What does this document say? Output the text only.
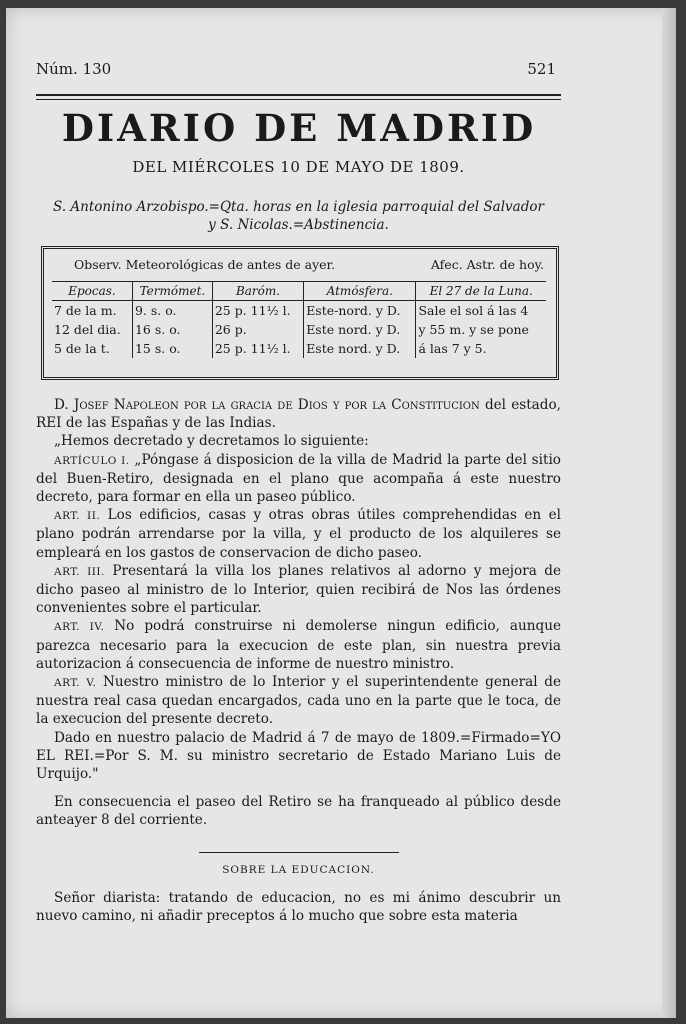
Núm. 130	521
DIARIO DE MADRID
DEL MIÉRCOLES 10 DE MAYO DE 1809.
S. Antonino Arzobispo.=Qta. horas en la iglesia parroquial del Salvador
y S. Nicolas.=Abstinencia.
Observ. Meteorológicas de antes de ayer.	Afec. Astr. de hoy.
Epocas.	Termómet.	Baróm.	Atmósfera.	El 27 de la Luna.
7 de la m.	9. s. o.	25 p. 11½ l.	Este-nord. y D.	Sale el sol á las 4
12 del dia.	16 s. o.	26 p.	Este nord. y D.	y 55 m. y se pone
5 de la t.	15 s. o.	25 p. 11½ l.	Este nord. y D.	á las 7 y 5.

D. Josef Napoleon por la gracia de Dios y por la Constitucion del estado, REI de las Españas y de las Indias.

„Hemos decretado y decretamos lo siguiente:

ARTÍCULO I. „Póngase á disposicion de la villa de Madrid la parte del sitio del Buen-Retiro, designada en el plano que acompaña á este nuestro decreto, para formar en ella un paseo público.

ART. II. Los edificios, casas y otras obras útiles comprehendidas en el plano podrán arrendarse por la villa, y el producto de los alquileres se empleará en los gastos de conservacion de dicho paseo.

ART. III. Presentará la villa los planes relativos al adorno y mejora de dicho paseo al ministro de lo Interior, quien recibirá de Nos las órdenes convenientes sobre el particular.

ART. IV. No podrá construirse ni demolerse ningun edificio, aunque parezca necesario para la execucion de este plan, sin nuestra previa autorizacion á consecuencia de informe de nuestro ministro.

ART. V. Nuestro ministro de lo Interior y el superintendente general de nuestra real casa quedan encargados, cada uno en la parte que le toca, de la execucion del presente decreto.

Dado en nuestro palacio de Madrid á 7 de mayo de 1809.=Firmado=YO EL REI.=Por S. M. su ministro secretario de Estado Mariano Luis de Urquijo."

En consecuencia el paseo del Retiro se ha franqueado al público desde anteayer 8 del corriente.

SOBRE LA EDUCACION.

Señor diarista: tratando de educacion, no es mi ánimo descubrir un nuevo camino, ni añadir preceptos á lo mucho que sobre esta materia
